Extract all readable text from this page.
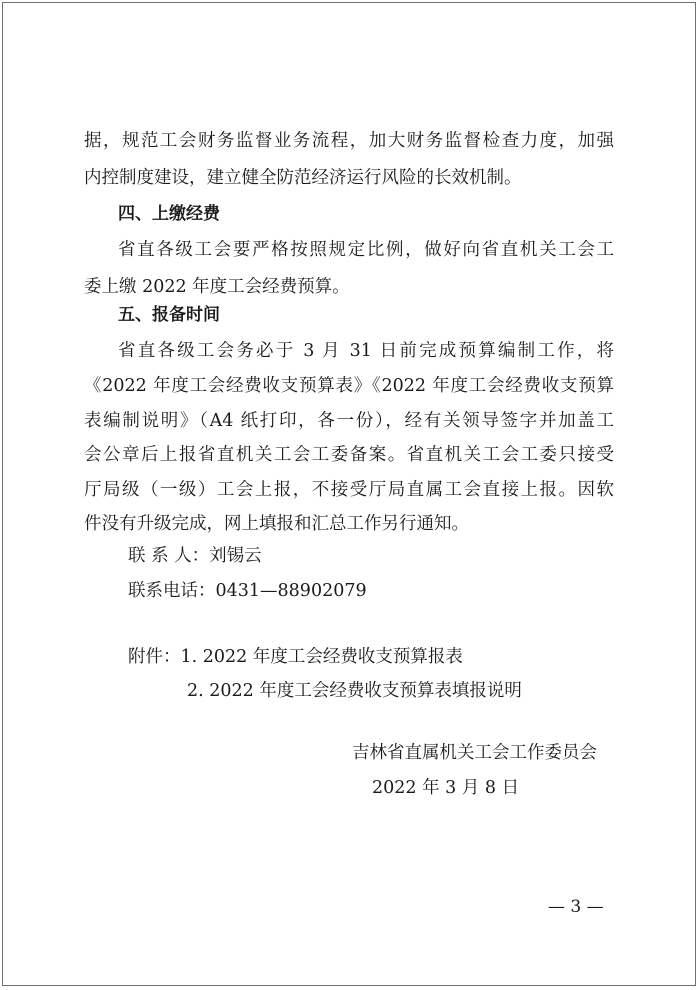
据，规范工会财务监督业务流程，加大财务监督检查力度，加强
内控制度建设，建立健全防范经济运行风险的长效机制。
四、上缴经费
省直各级工会要严格按照规定比例，做好向省直机关工会工
委上缴 2022 年度工会经费预算。
五、报备时间
省直各级工会务必于 3 月 31 日前完成预算编制工作，将
《2022 年度工会经费收支预算表》《2022 年度工会经费收支预算
表编制说明》（A4 纸打印，各一份），经有关领导签字并加盖工
会公章后上报省直机关工会工委备案。省直机关工会工委只接受
厅局级（一级）工会上报，不接受厅局直属工会直接上报。因软
件没有升级完成，网上填报和汇总工作另行通知。
联 系 人：刘锡云
联系电话：0431—88902079
附件：1. 2022 年度工会经费收支预算报表
2. 2022 年度工会经费收支预算表填报说明
吉林省直属机关工会工作委员会
2022 年 3 月 8 日
— 3 —
